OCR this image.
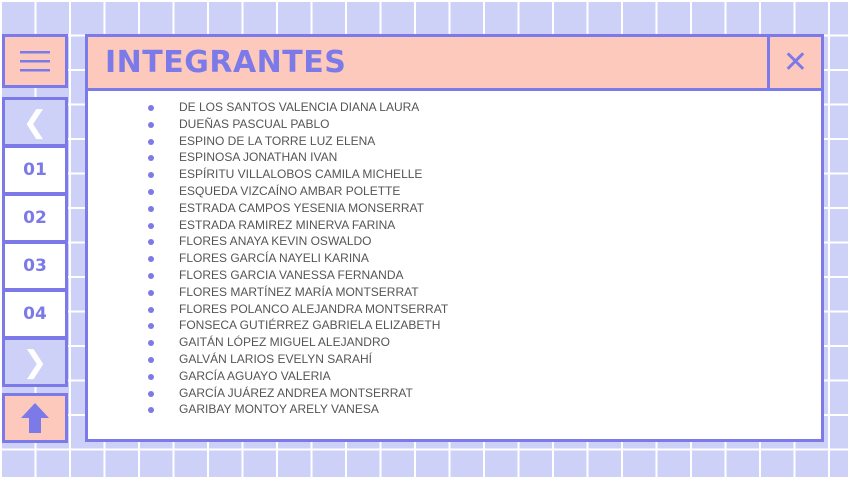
❮
01
02
03
04
❯
INTEGRANTES	✕
DE LOS SANTOS VALENCIA DIANA LAURA
DUEÑAS PASCUAL PABLO
ESPINO DE LA TORRE LUZ ELENA
ESPINOSA JONATHAN IVAN
ESPÍRITU VILLALOBOS CAMILA MICHELLE
ESQUEDA VIZCAÍNO AMBAR POLETTE
ESTRADA CAMPOS YESENIA MONSERRAT
ESTRADA RAMIREZ MINERVA FARINA
FLORES ANAYA KEVIN OSWALDO
FLORES GARCÍA NAYELI KARINA
FLORES GARCIA VANESSA FERNANDA
FLORES MARTÍNEZ MARÍA MONTSERRAT
FLORES POLANCO ALEJANDRA MONTSERRAT
FONSECA GUTIÉRREZ GABRIELA ELIZABETH
GAITÁN LÓPEZ MIGUEL ALEJANDRO
GALVÁN LARIOS EVELYN SARAHÍ
GARCÍA AGUAYO VALERIA
GARCÍA JUÁREZ ANDREA MONTSERRAT
GARIBAY MONTOY ARELY VANESA
